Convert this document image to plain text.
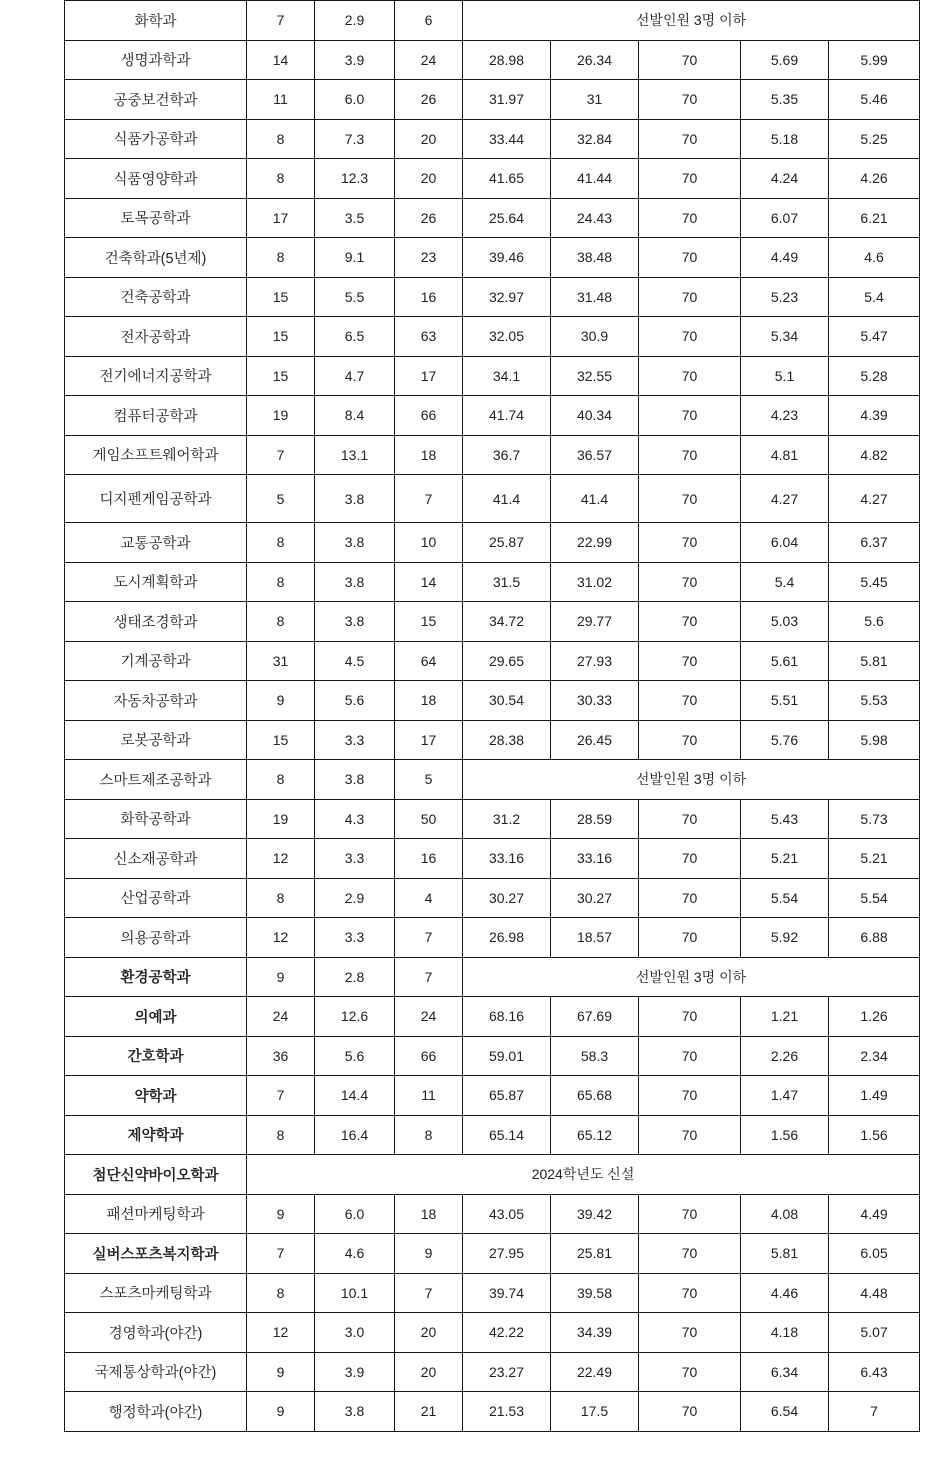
화학과	7	2.9	6	선발인원 3명 이하				
생명과학과	14	3.9	24	28.98	26.34	70	5.69	5.99
공중보건학과	11	6.0	26	31.97	31	70	5.35	5.46
식품가공학과	8	7.3	20	33.44	32.84	70	5.18	5.25
식품영양학과	8	12.3	20	41.65	41.44	70	4.24	4.26
토목공학과	17	3.5	26	25.64	24.43	70	6.07	6.21
건축학과(5년제)	8	9.1	23	39.46	38.48	70	4.49	4.6
건축공학과	15	5.5	16	32.97	31.48	70	5.23	5.4
전자공학과	15	6.5	63	32.05	30.9	70	5.34	5.47
전기에너지공학과	15	4.7	17	34.1	32.55	70	5.1	5.28
컴퓨터공학과	19	8.4	66	41.74	40.34	70	4.23	4.39
게임소프트웨어학과	7	13.1	18	36.7	36.57	70	4.81	4.82
디지펜게임공학과	5	3.8	7	41.4	41.4	70	4.27	4.27
교통공학과	8	3.8	10	25.87	22.99	70	6.04	6.37
도시계획학과	8	3.8	14	31.5	31.02	70	5.4	5.45
생태조경학과	8	3.8	15	34.72	29.77	70	5.03	5.6
기계공학과	31	4.5	64	29.65	27.93	70	5.61	5.81
자동차공학과	9	5.6	18	30.54	30.33	70	5.51	5.53
로봇공학과	15	3.3	17	28.38	26.45	70	5.76	5.98
스마트제조공학과	8	3.8	5	선발인원 3명 이하				
화학공학과	19	4.3	50	31.2	28.59	70	5.43	5.73
신소재공학과	12	3.3	16	33.16	33.16	70	5.21	5.21
산업공학과	8	2.9	4	30.27	30.27	70	5.54	5.54
의용공학과	12	3.3	7	26.98	18.57	70	5.92	6.88
환경공학과	9	2.8	7	선발인원 3명 이하				
의예과	24	12.6	24	68.16	67.69	70	1.21	1.26
간호학과	36	5.6	66	59.01	58.3	70	2.26	2.34
약학과	7	14.4	11	65.87	65.68	70	1.47	1.49
제약학과	8	16.4	8	65.14	65.12	70	1.56	1.56
첨단신약바이오학과	2024학년도 신설							
패션마케팅학과	9	6.0	18	43.05	39.42	70	4.08	4.49
실버스포츠복지학과	7	4.6	9	27.95	25.81	70	5.81	6.05
스포츠마케팅학과	8	10.1	7	39.74	39.58	70	4.46	4.48
경영학과(야간)	12	3.0	20	42.22	34.39	70	4.18	5.07
국제통상학과(야간)	9	3.9	20	23.27	22.49	70	6.34	6.43
행정학과(야간)	9	3.8	21	21.53	17.5	70	6.54	7
